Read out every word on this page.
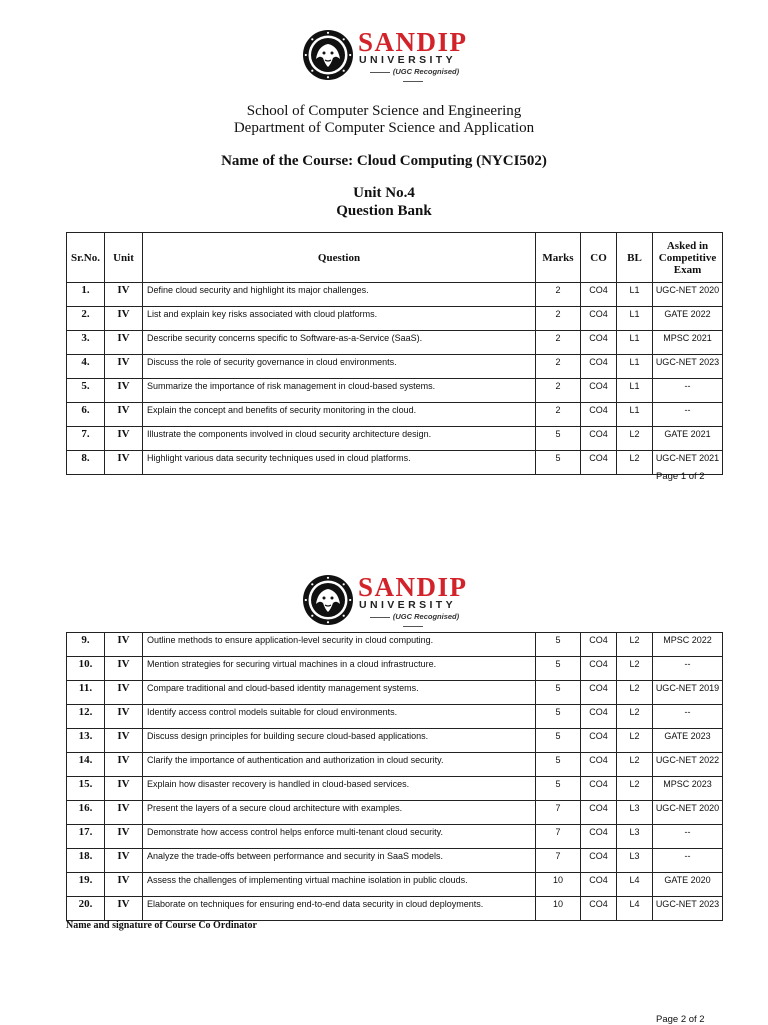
SANDIP
UNIVERSITY
(UGC Recognised)
School of Computer Science and Engineering
Department of Computer Science and Application
Name of the Course: Cloud Computing (NYCI502)
Unit No.4
Question Bank
Sr.No.	Unit	Question	Marks	CO	BL	Asked in Competitive Exam
1.	IV	Define cloud security and highlight its major challenges.	2	CO4	L1	UGC-NET 2020
2.	IV	List and explain key risks associated with cloud platforms.	2	CO4	L1	GATE 2022
3.	IV	Describe security concerns specific to Software-as-a-Service (SaaS).	2	CO4	L1	MPSC 2021
4.	IV	Discuss the role of security governance in cloud environments.	2	CO4	L1	UGC-NET 2023
5.	IV	Summarize the importance of risk management in cloud-based systems.	2	CO4	L1	--
6.	IV	Explain the concept and benefits of security monitoring in the cloud.	2	CO4	L1	--
7.	IV	Illustrate the components involved in cloud security architecture design.	5	CO4	L2	GATE 2021
8.	IV	Highlight various data security techniques used in cloud platforms.	5	CO4	L2	UGC-NET 2021
Page 1 of 2
SANDIP
UNIVERSITY
(UGC Recognised)
9.	IV	Outline methods to ensure application-level security in cloud computing.	5	CO4	L2	MPSC 2022
10.	IV	Mention strategies for securing virtual machines in a cloud infrastructure.	5	CO4	L2	--
11.	IV	Compare traditional and cloud-based identity management systems.	5	CO4	L2	UGC-NET 2019
12.	IV	Identify access control models suitable for cloud environments.	5	CO4	L2	--
13.	IV	Discuss design principles for building secure cloud-based applications.	5	CO4	L2	GATE 2023
14.	IV	Clarify the importance of authentication and authorization in cloud security.	5	CO4	L2	UGC-NET 2022
15.	IV	Explain how disaster recovery is handled in cloud-based services.	5	CO4	L2	MPSC 2023
16.	IV	Present the layers of a secure cloud architecture with examples.	7	CO4	L3	UGC-NET 2020
17.	IV	Demonstrate how access control helps enforce multi-tenant cloud security.	7	CO4	L3	--
18.	IV	Analyze the trade-offs between performance and security in SaaS models.	7	CO4	L3	--
19.	IV	Assess the challenges of implementing virtual machine isolation in public clouds.	10	CO4	L4	GATE 2020
20.	IV	Elaborate on techniques for ensuring end-to-end data security in cloud deployments.	10	CO4	L4	UGC-NET 2023
Name and signature of Course Co Ordinator
Page 2 of 2
